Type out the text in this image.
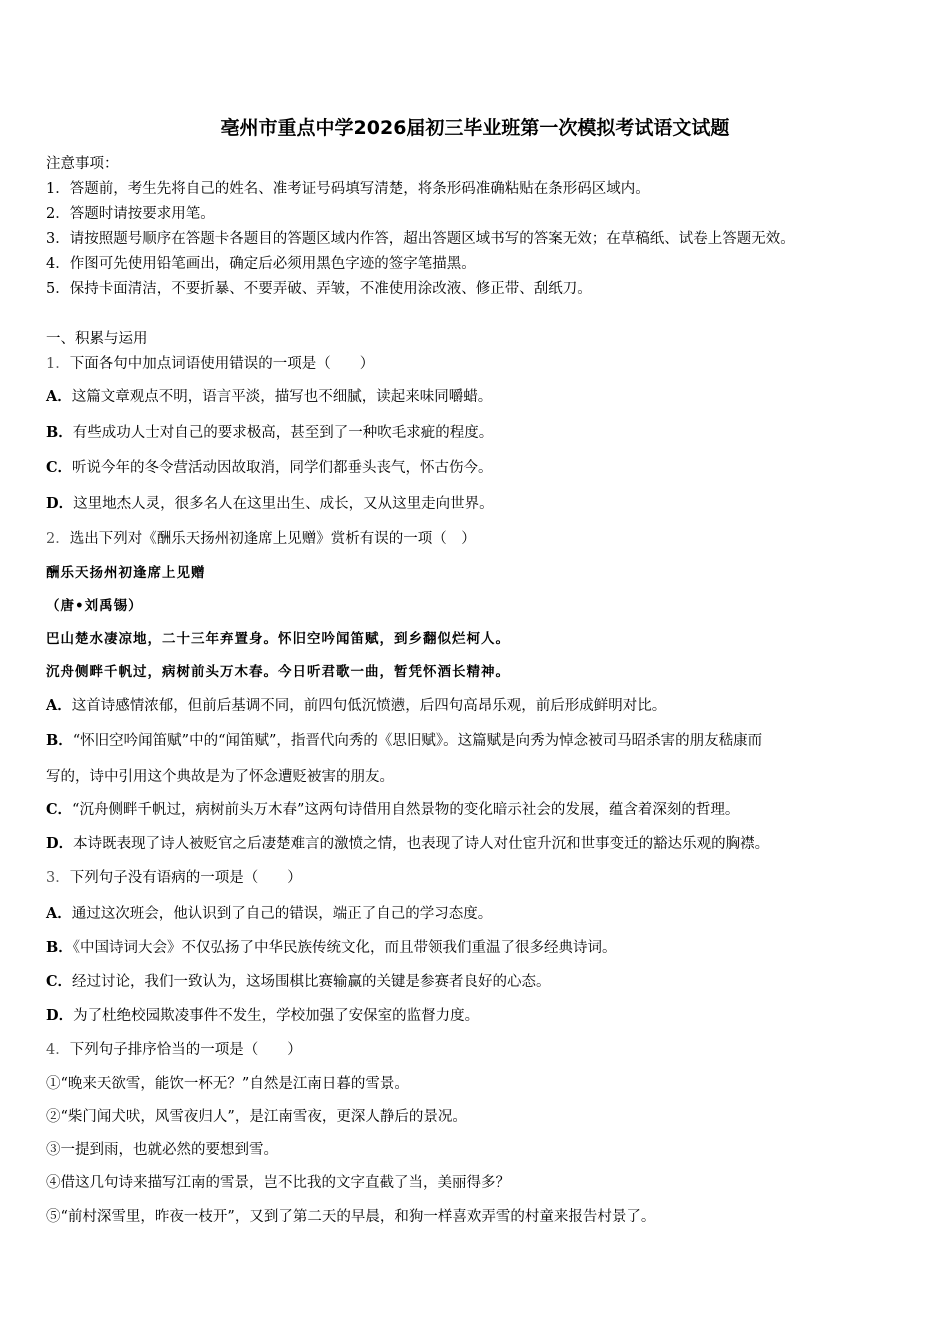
亳州市重点中学2026届初三毕业班第一次模拟考试语文试题
注意事项：
1．答题前，考生先将自己的姓名、准考证号码填写清楚，将条形码准确粘贴在条形码区域内。
2．答题时请按要求用笔。
3．请按照题号顺序在答题卡各题目的答题区域内作答，超出答题区域书写的答案无效；在草稿纸、试卷上答题无效。
4．作图可先使用铅笔画出，确定后必须用黑色字迹的签字笔描黑。
5．保持卡面清洁，不要折暴、不要弄破、弄皱，不准使用涂改液、修正带、刮纸刀。
一、积累与运用
1．下面各句中加点词语使用错误的一项是（　　）
A．这篇文章观点不明，语言平淡，描写也不细腻，读起来味同嚼蜡。
B．有些成功人士对自己的要求极高，甚至到了一种吹毛求疵的程度。
C．听说今年的冬令营活动因故取消，同学们都垂头丧气，怀古伤今。
D．这里地杰人灵，很多名人在这里出生、成长，又从这里走向世界。
2．选出下列对《酬乐天扬州初逢席上见赠》赏析有误的一项（　）
酬乐天扬州初逢席上见赠
（唐•刘禹锡）
巴山楚水凄凉地，二十三年弃置身。怀旧空吟闻笛赋，到乡翻似烂柯人。
沉舟侧畔千帆过，病树前头万木春。今日听君歌一曲，暂凭怀酒长精神。
A．这首诗感情浓郁，但前后基调不同，前四句低沉愤懑，后四句高昂乐观，前后形成鲜明对比。
B．“怀旧空吟闻笛赋”中的“闻笛赋”，指晋代向秀的《思旧赋》。这篇赋是向秀为悼念被司马昭杀害的朋友嵇康而
写的，诗中引用这个典故是为了怀念遭贬被害的朋友。
C．“沉舟侧畔千帆过，病树前头万木春”这两句诗借用自然景物的变化暗示社会的发展，蕴含着深刻的哲理。
D．本诗既表现了诗人被贬官之后凄楚难言的激愤之情，也表现了诗人对仕宦升沉和世事变迁的豁达乐观的胸襟。
3．下列句子没有语病的一项是（　　）
A．通过这次班会，他认识到了自己的错误，端正了自己的学习态度。
B．《中国诗词大会》不仅弘扬了中华民族传统文化，而且带领我们重温了很多经典诗词。
C．经过讨论，我们一致认为，这场围棋比赛输赢的关键是参赛者良好的心态。
D．为了杜绝校园欺凌事件不发生，学校加强了安保室的监督力度。
4．下列句子排序恰当的一项是（　　）
①“晚来天欲雪，能饮一杯无？”自然是江南日暮的雪景。
②“柴门闻犬吠，风雪夜归人”，是江南雪夜，更深人静后的景况。
③一提到雨，也就必然的要想到雪。
④借这几句诗来描写江南的雪景，岂不比我的文字直截了当，美丽得多？
⑤“前村深雪里，昨夜一枝开”，又到了第二天的早晨，和狗一样喜欢弄雪的村童来报告村景了。
